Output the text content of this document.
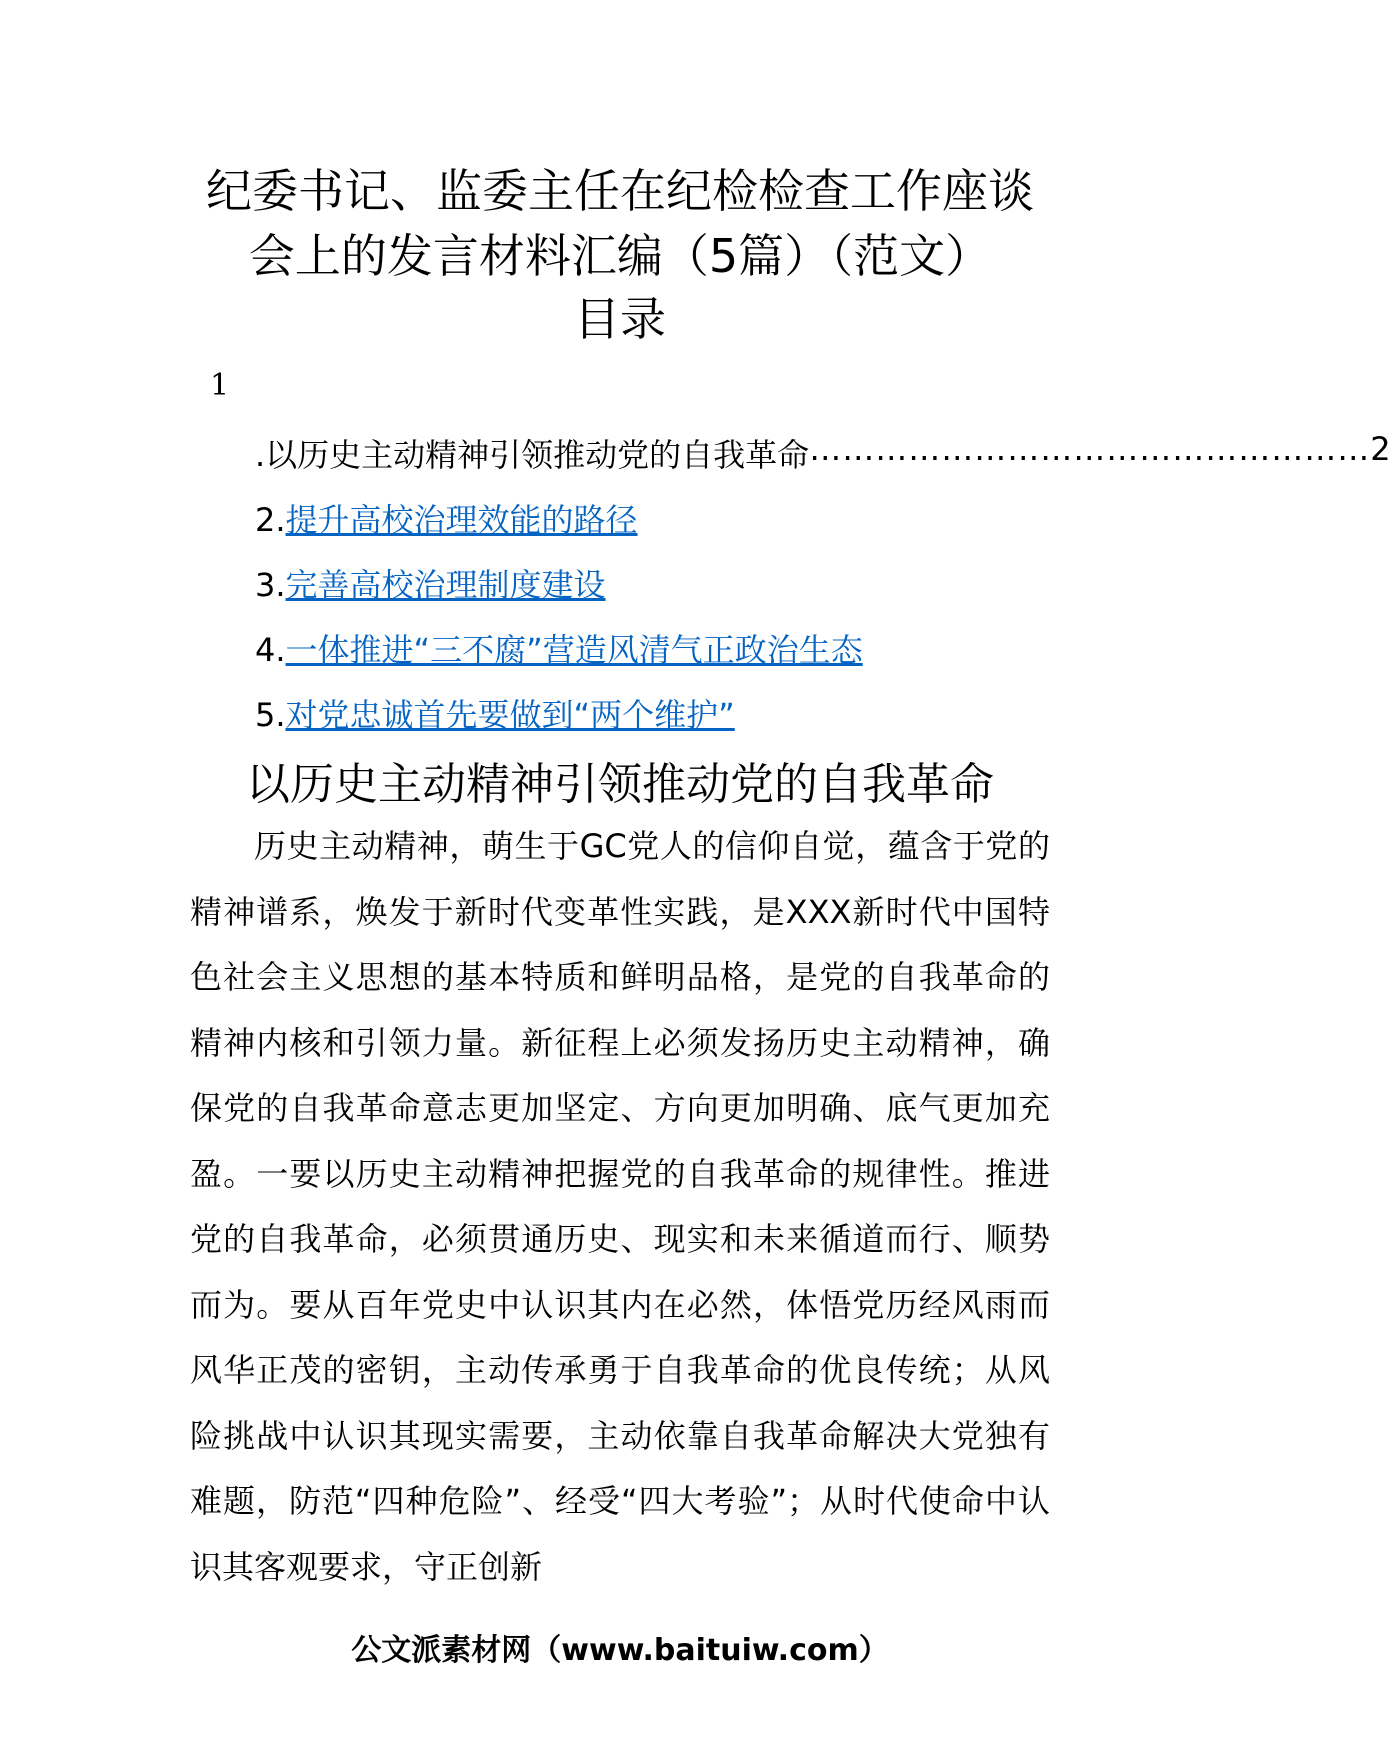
纪委书记、监委主任在纪检检查工作座谈
会上的发言材料汇编（5篇）（范文）
目录
1
.以历史主动精神引领推动党的自我革命 …………………………………………… 2
2.提升高校治理效能的路径
3.完善高校治理制度建设
4.一体推进“三不腐”营造风清气正政治生态
5.对党忠诚首先要做到“两个维护”
以历史主动精神引领推动党的自我革命

历史主动精神，萌生于GC党人的信仰自觉，蕴含于党的精神谱系，焕发于新时代变革性实践，是XXX新时代中国特色社会主义思想的基本特质和鲜明品格，是党的自我革命的精神内核和引领力量。新征程上必须发扬历史主动精神，确保党的自我革命意志更加坚定、方向更加明确、底气更加充盈。一要以历史主动精神把握党的自我革命的规律性。推进党的自我革命，必须贯通历史、现实和未来循道而行、顺势而为。要从百年党史中认识其内在必然，体悟党历经风雨而风华正茂的密钥，主动传承勇于自我革命的优良传统；从风险挑战中认识其现实需要，主动依靠自我革命解决大党独有难题，防范“四种危险”、经受“四大考验”；从时代使命中认识其客观要求，守正创新

公文派素材网（www.baituiw.com）
